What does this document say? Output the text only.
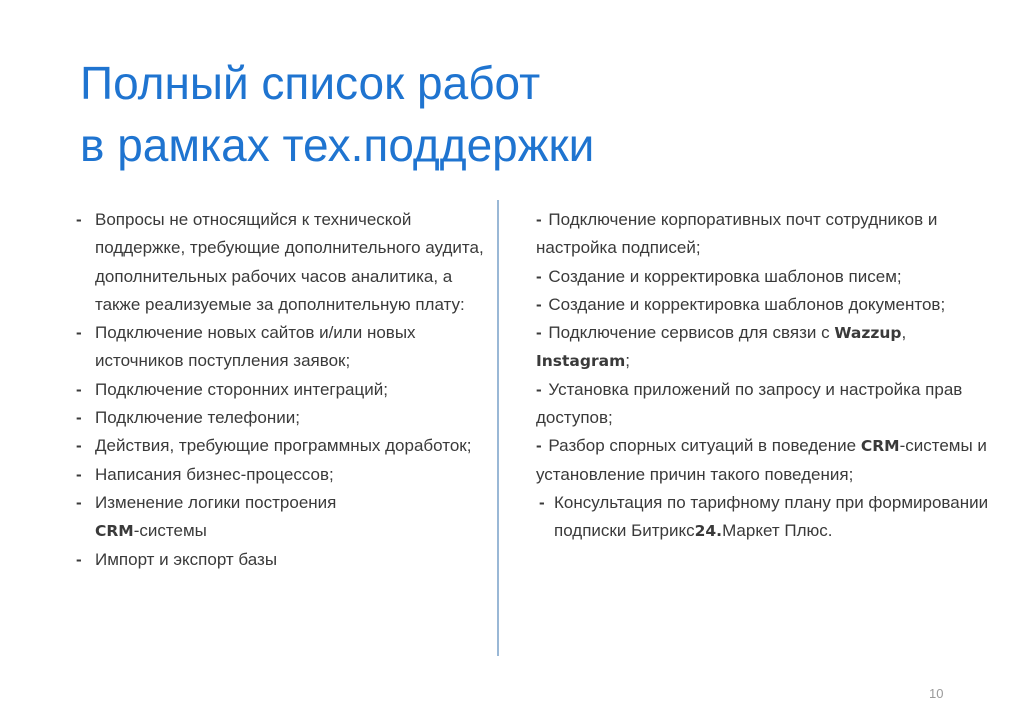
Полный список работ
в рамках тех.поддержки

- Вопросы не относящийся к технической поддержке, требующие дополнительного аудита, дополнительных рабочих часов аналитика, а также реализуемые за дополнительную плату:

- Подключение новых сайтов и/или новых источников поступления заявок;

- Подключение сторонних интеграций;

- Подключение телефонии;

- Действия, требующие программных доработок;

- Написания бизнес-процессов;

- Изменение логики построения
CRM-системы

- Импорт и экспорт базы

- Подключение корпоративных почт сотрудников и настройка подписей;

- Создание и корректировка шаблонов писем;

- Создание и корректировка шаблонов документов;

- Подключение сервисов для связи с Wazzup,
Instagram;

- Установка приложений по запросу и настройка прав доступов;

- Разбор спорных ситуаций в поведение CRM-системы и установление причин такого поведения;

- Консультация по тарифному плану при формировании подписки Битрикс24.Маркет Плюс.

10
